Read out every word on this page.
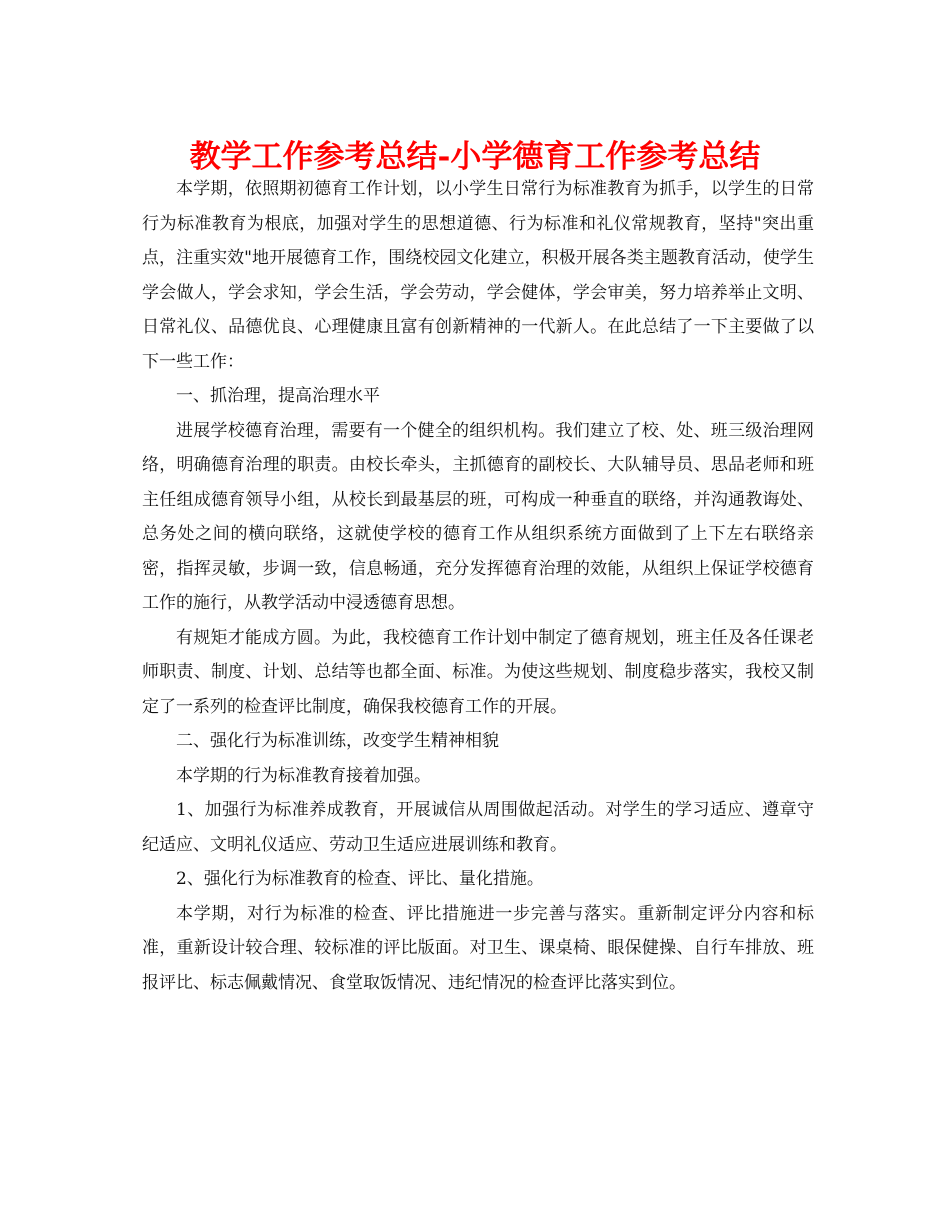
教学工作参考总结-小学德育工作参考总结

本学期，依照期初德育工作计划，以小学生日常行为标准教育为抓手，以学生的日常行为标准教育为根底，加强对学生的思想道德、行为标准和礼仪常规教育，坚持"突出重点，注重实效"地开展德育工作，围绕校园文化建立，积极开展各类主题教育活动，使学生学会做人，学会求知，学会生活，学会劳动，学会健体，学会审美，努力培养举止文明、日常礼仪、品德优良、心理健康且富有创新精神的一代新人。在此总结了一下主要做了以下一些工作：

一、抓治理，提高治理水平

进展学校德育治理，需要有一个健全的组织机构。我们建立了校、处、班三级治理网络，明确德育治理的职责。由校长牵头，主抓德育的副校长、大队辅导员、思品老师和班主任组成德育领导小组，从校长到最基层的班，可构成一种垂直的联络，并沟通教诲处、总务处之间的横向联络，这就使学校的德育工作从组织系统方面做到了上下左右联络亲密，指挥灵敏，步调一致，信息畅通，充分发挥德育治理的效能，从组织上保证学校德育工作的施行，从教学活动中浸透德育思想。

有规矩才能成方圆。为此，我校德育工作计划中制定了德育规划，班主任及各任课老师职责、制度、计划、总结等也都全面、标准。为使这些规划、制度稳步落实，我校又制定了一系列的检查评比制度，确保我校德育工作的开展。

二、强化行为标准训练，改变学生精神相貌

本学期的行为标准教育接着加强。

1、加强行为标准养成教育，开展诚信从周围做起活动。对学生的学习适应、遵章守纪适应、文明礼仪适应、劳动卫生适应进展训练和教育。

2、强化行为标准教育的检查、评比、量化措施。

本学期，对行为标准的检查、评比措施进一步完善与落实。重新制定评分内容和标准，重新设计较合理、较标准的评比版面。对卫生、课桌椅、眼保健操、自行车排放、班报评比、标志佩戴情况、食堂取饭情况、违纪情况的检查评比落实到位。
